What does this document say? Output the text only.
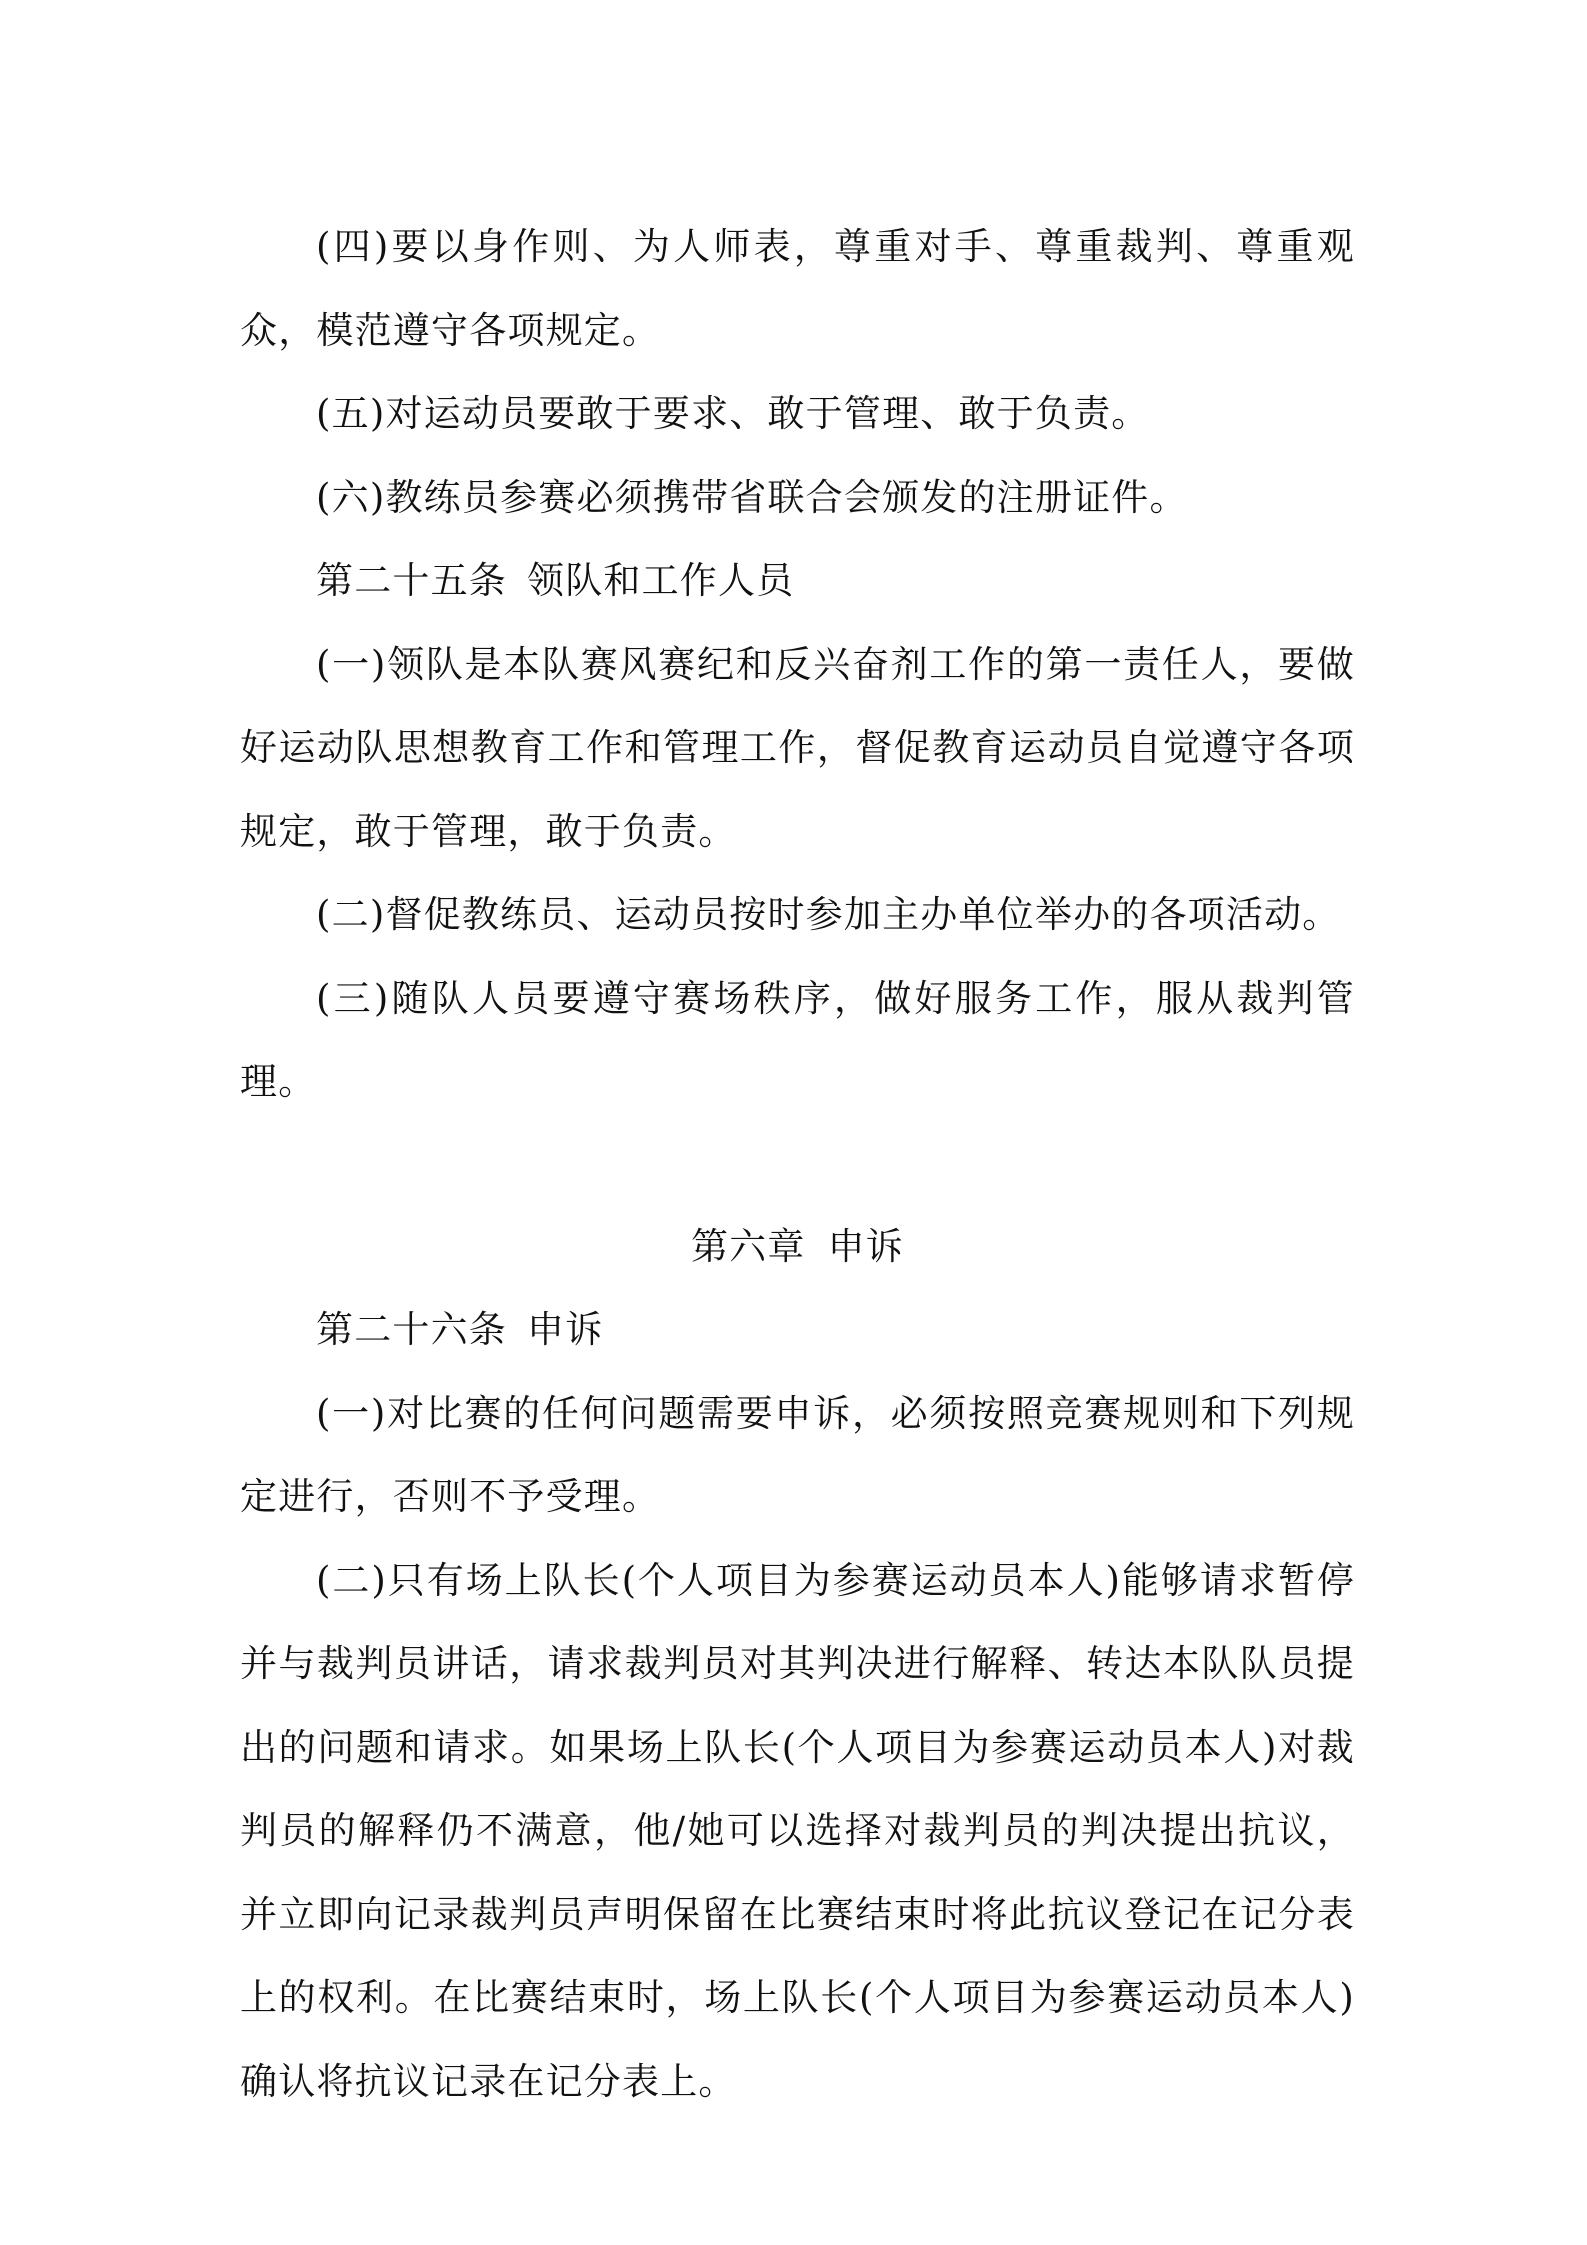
(四)要以身作则、为人师表，尊重对手、尊重裁判、尊重观众，模范遵守各项规定。

(五)对运动员要敢于要求、敢于管理、敢于负责。

(六)教练员参赛必须携带省联合会颁发的注册证件。

第二十五条 领队和工作人员

(一)领队是本队赛风赛纪和反兴奋剂工作的第一责任人，要做好运动队思想教育工作和管理工作，督促教育运动员自觉遵守各项规定，敢于管理，敢于负责。

(二)督促教练员、运动员按时参加主办单位举办的各项活动。

(三)随队人员要遵守赛场秩序，做好服务工作，服从裁判管理。

第六章 申诉

第二十六条 申诉

(一)对比赛的任何问题需要申诉，必须按照竞赛规则和下列规定进行，否则不予受理。

(二)只有场上队长(个人项目为参赛运动员本人)能够请求暂停并与裁判员讲话，请求裁判员对其判决进行解释、转达本队队员提出的问题和请求。如果场上队长(个人项目为参赛运动员本人)对裁判员的解释仍不满意，他/她可以选择对裁判员的判决提出抗议，并立即向记录裁判员声明保留在比赛结束时将此抗议登记在记分表上的权利。在比赛结束时，场上队长(个人项目为参赛运动员本人)确认将抗议记录在记分表上。
